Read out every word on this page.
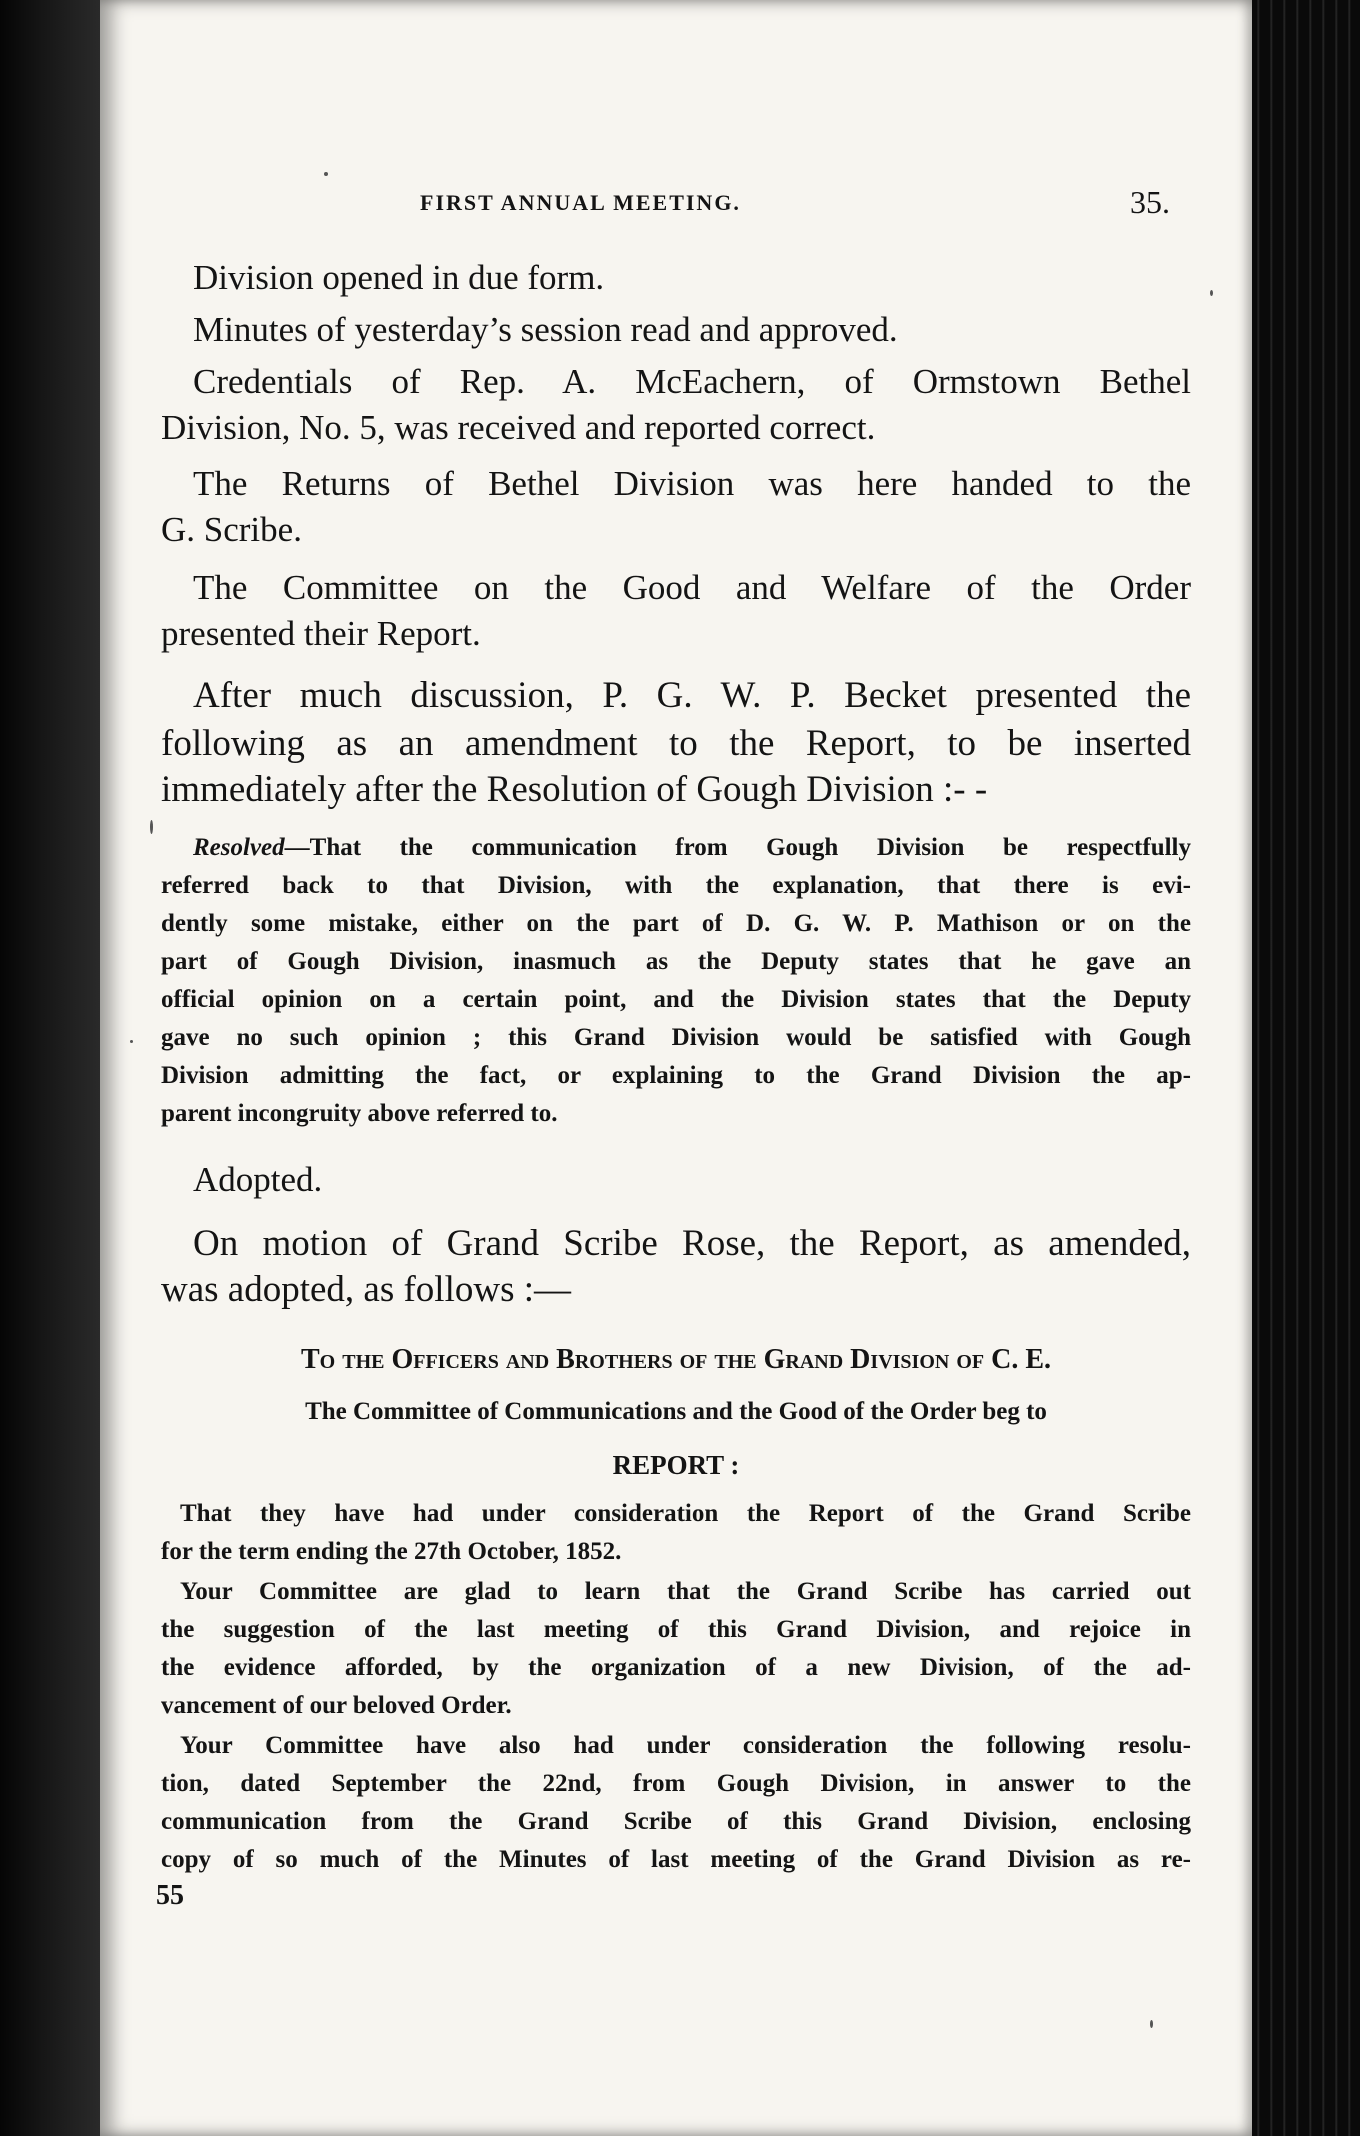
FIRST ANNUAL MEETING.	35.
Division opened in due form.
Minutes of yesterday’s session read and approved.
Credentials of Rep. A. McEachern, of Ormstown Bethel
Division, No. 5, was received and reported correct.
The Returns of Bethel Division was here handed to the
G. Scribe.
The Committee on the Good and Welfare of the Order
presented their Report.
After much discussion, P. G. W. P. Becket presented the
following as an amendment to the Report, to be inserted
immediately after the Resolution of Gough Division :- -
Resolved—That the communication from Gough Division be respectfully
referred back to that Division, with the explanation, that there is evi-
dently some mistake, either on the part of D. G. W. P. Mathison or on the
part of Gough Division, inasmuch as the Deputy states that he gave an
official opinion on a certain point, and the Division states that the Deputy
gave no such opinion ; this Grand Division would be satisfied with Gough
Division admitting the fact, or explaining to the Grand Division the ap-
parent incongruity above referred to.
Adopted.
On motion of Grand Scribe Rose, the Report, as amended,
was adopted, as follows :—
To the Officers and Brothers of the Grand Division of C. E.
The Committee of Communications and the Good of the Order beg to
REPORT :
That they have had under consideration the Report of the Grand Scribe
for the term ending the 27th October, 1852.
Your Committee are glad to learn that the Grand Scribe has carried out
the suggestion of the last meeting of this Grand Division, and rejoice in
the evidence afforded, by the organization of a new Division, of the ad-
vancement of our beloved Order.
Your Committee have also had under consideration the following resolu-
tion, dated September the 22nd, from Gough Division, in answer to the
communication from the Grand Scribe of this Grand Division, enclosing
copy of so much of the Minutes of last meeting of the Grand Division as re-
55
